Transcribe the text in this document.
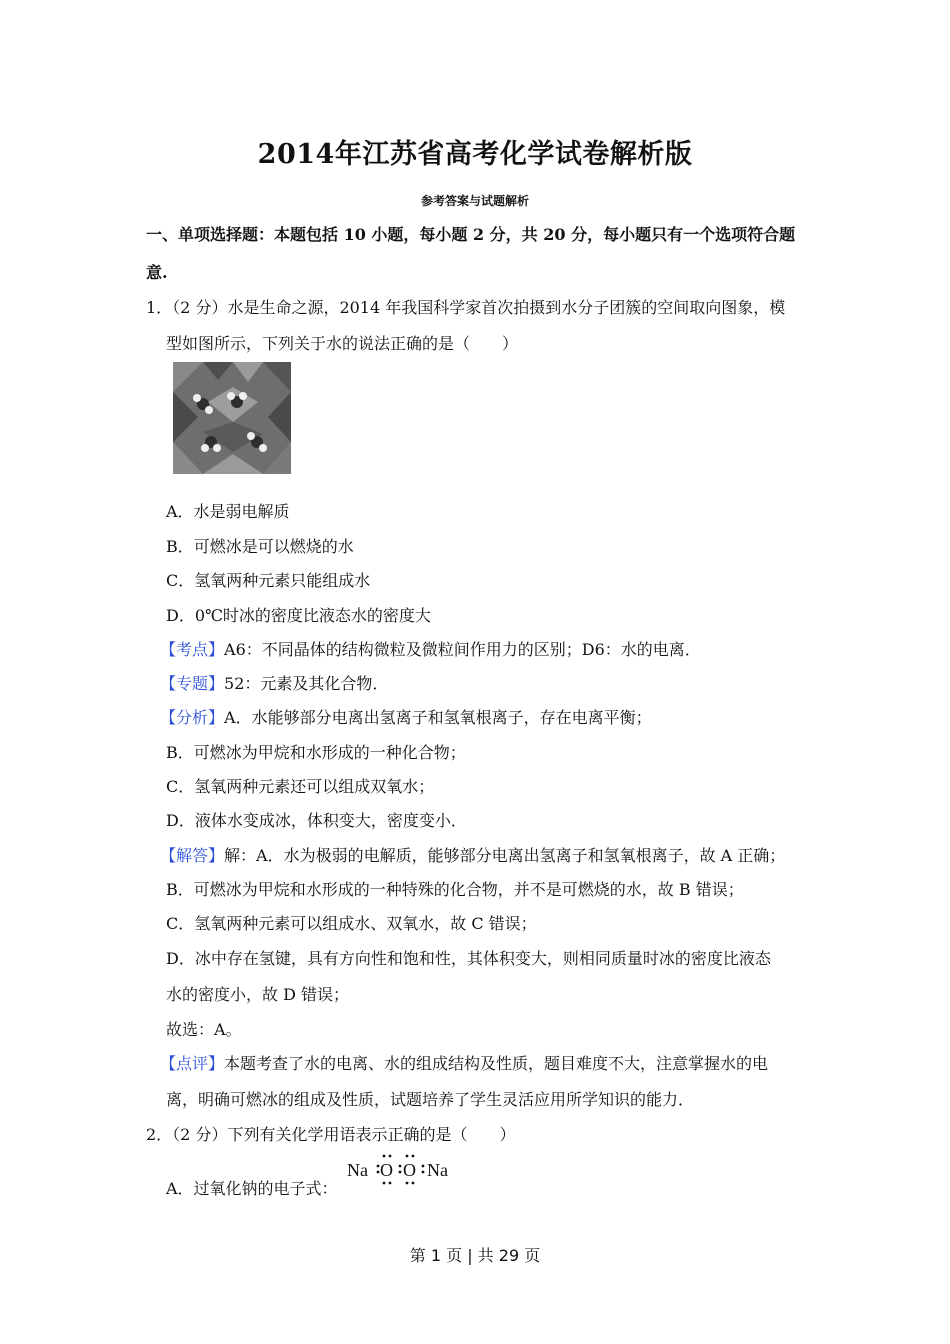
2014年江苏省高考化学试卷解析版
参考答案与试题解析
一、单项选择题：本题包括 10 小题，每小题 2 分，共 20 分，每小题只有一个选项符合题
意.
1．（2 分）水是生命之源，2014 年我国科学家首次拍摄到水分子团簇的空间取向图象，模
型如图所示，下列关于水的说法正确的是（　　）
A．水是弱电解质
B．可燃冰是可以燃烧的水
C．氢氧两种元素只能组成水
D．0℃时冰的密度比液态水的密度大
【考点】A6：不同晶体的结构微粒及微粒间作用力的区别；D6：水的电离．
【专题】52：元素及其化合物．
【分析】A．水能够部分电离出氢离子和氢氧根离子，存在电离平衡；
B．可燃冰为甲烷和水形成的一种化合物；
C．氢氧两种元素还可以组成双氧水；
D．液体水变成冰，体积变大，密度变小．
【解答】解：A．水为极弱的电解质，能够部分电离出氢离子和氢氧根离子，故 A 正确；
B．可燃冰为甲烷和水形成的一种特殊的化合物，并不是可燃烧的水，故 B 错误；
C．氢氧两种元素可以组成水、双氧水，故 C 错误；
D．冰中存在氢键，具有方向性和饱和性，其体积变大，则相同质量时冰的密度比液态
水的密度小，故 D 错误；
故选：A。
【点评】本题考查了水的电离、水的组成结构及性质，题目难度不大，注意掌握水的电
离，明确可燃冰的组成及性质，试题培养了学生灵活应用所学知识的能力．
2．（2 分）下列有关化学用语表示正确的是（　　）
A．过氧化钠的电子式：
Na O O Na
第 1 页 | 共 29 页
